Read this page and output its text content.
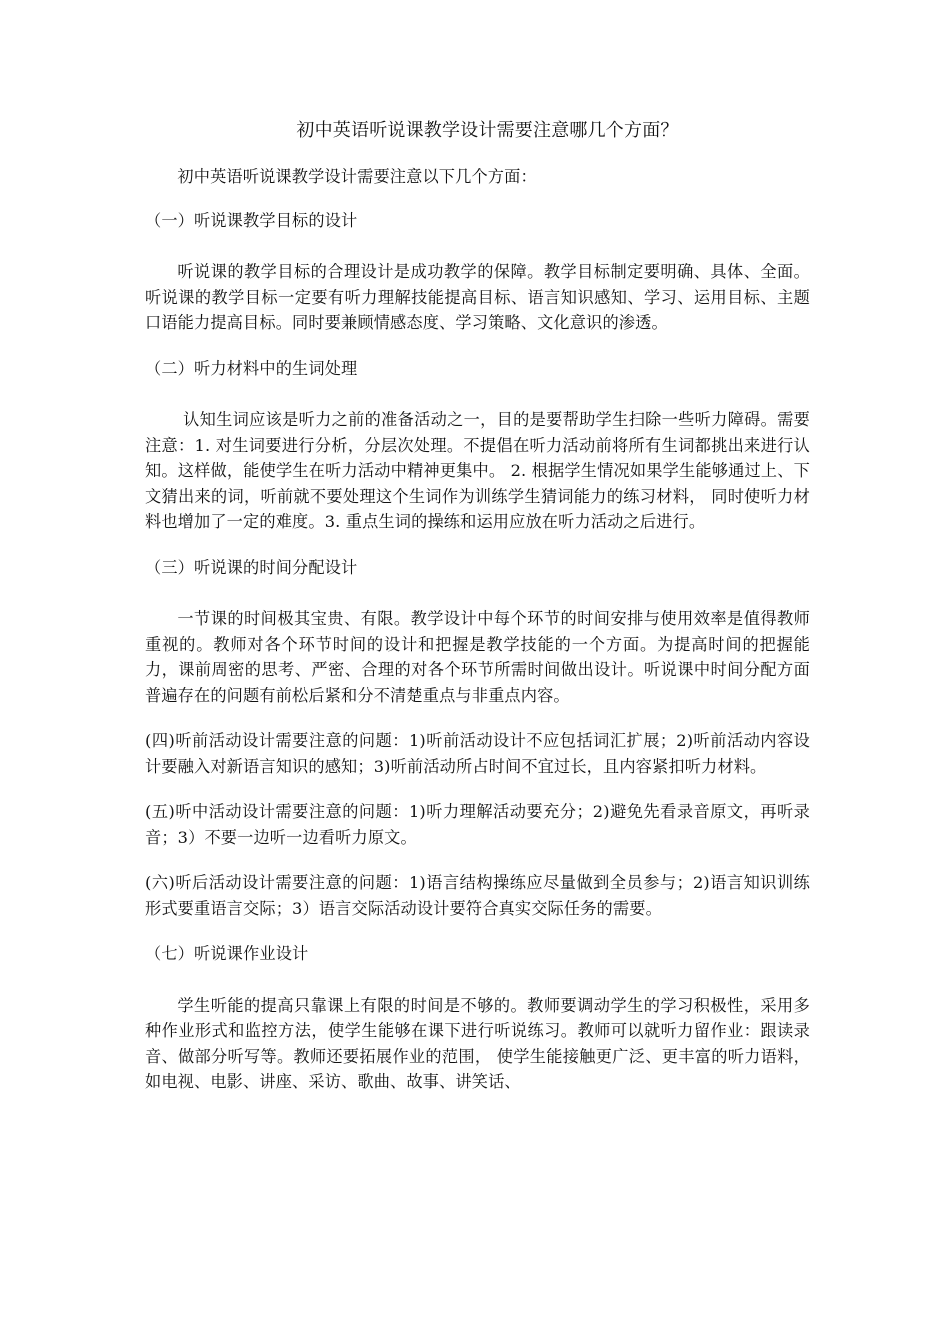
初中英语听说课教学设计需要注意哪几个方面？

初中英语听说课教学设计需要注意以下几个方面：

（一）听说课教学目标的设计

听说课的教学目标的合理设计是成功教学的保障。教学目标制定要明确、具体、全面。听说课的教学目标一定要有听力理解技能提高目标、语言知识感知、学习、运用目标、主题口语能力提高目标。同时要兼顾情感态度、学习策略、文化意识的渗透。

（二）听力材料中的生词处理

认知生词应该是听力之前的准备活动之一，目的是要帮助学生扫除一些听力障碍。需要注意：1. 对生词要进行分析，分层次处理。不提倡在听力活动前将所有生词都挑出来进行认知。这样做，能使学生在听力活动中精神更集中。 2. 根据学生情况如果学生能够通过上、下文猜出来的词，听前就不要处理这个生词作为训练学生猜词能力的练习材料， 同时使听力材料也增加了一定的难度。3. 重点生词的操练和运用应放在听力活动之后进行。

（三）听说课的时间分配设计

一节课的时间极其宝贵、有限。教学设计中每个环节的时间安排与使用效率是值得教师重视的。教师对各个环节时间的设计和把握是教学技能的一个方面。为提高时间的把握能力，课前周密的思考、严密、合理的对各个环节所需时间做出设计。听说课中时间分配方面普遍存在的问题有前松后紧和分不清楚重点与非重点内容。

(四)听前活动设计需要注意的问题：1)听前活动设计不应包括词汇扩展；2)听前活动内容设计要融入对新语言知识的感知；3)听前活动所占时间不宜过长，且内容紧扣听力材料。

(五)听中活动设计需要注意的问题：1)听力理解活动要充分；2)避免先看录音原文，再听录音；3）不要一边听一边看听力原文。

(六)听后活动设计需要注意的问题：1)语言结构操练应尽量做到全员参与；2)语言知识训练形式要重语言交际；3）语言交际活动设计要符合真实交际任务的需要。

（七）听说课作业设计

学生听能的提高只靠课上有限的时间是不够的。教师要调动学生的学习积极性，采用多种作业形式和监控方法，使学生能够在课下进行听说练习。教师可以就听力留作业：跟读录音、做部分听写等。教师还要拓展作业的范围， 使学生能接触更广泛、更丰富的听力语料，如电视、电影、讲座、采访、歌曲、故事、讲笑话、
